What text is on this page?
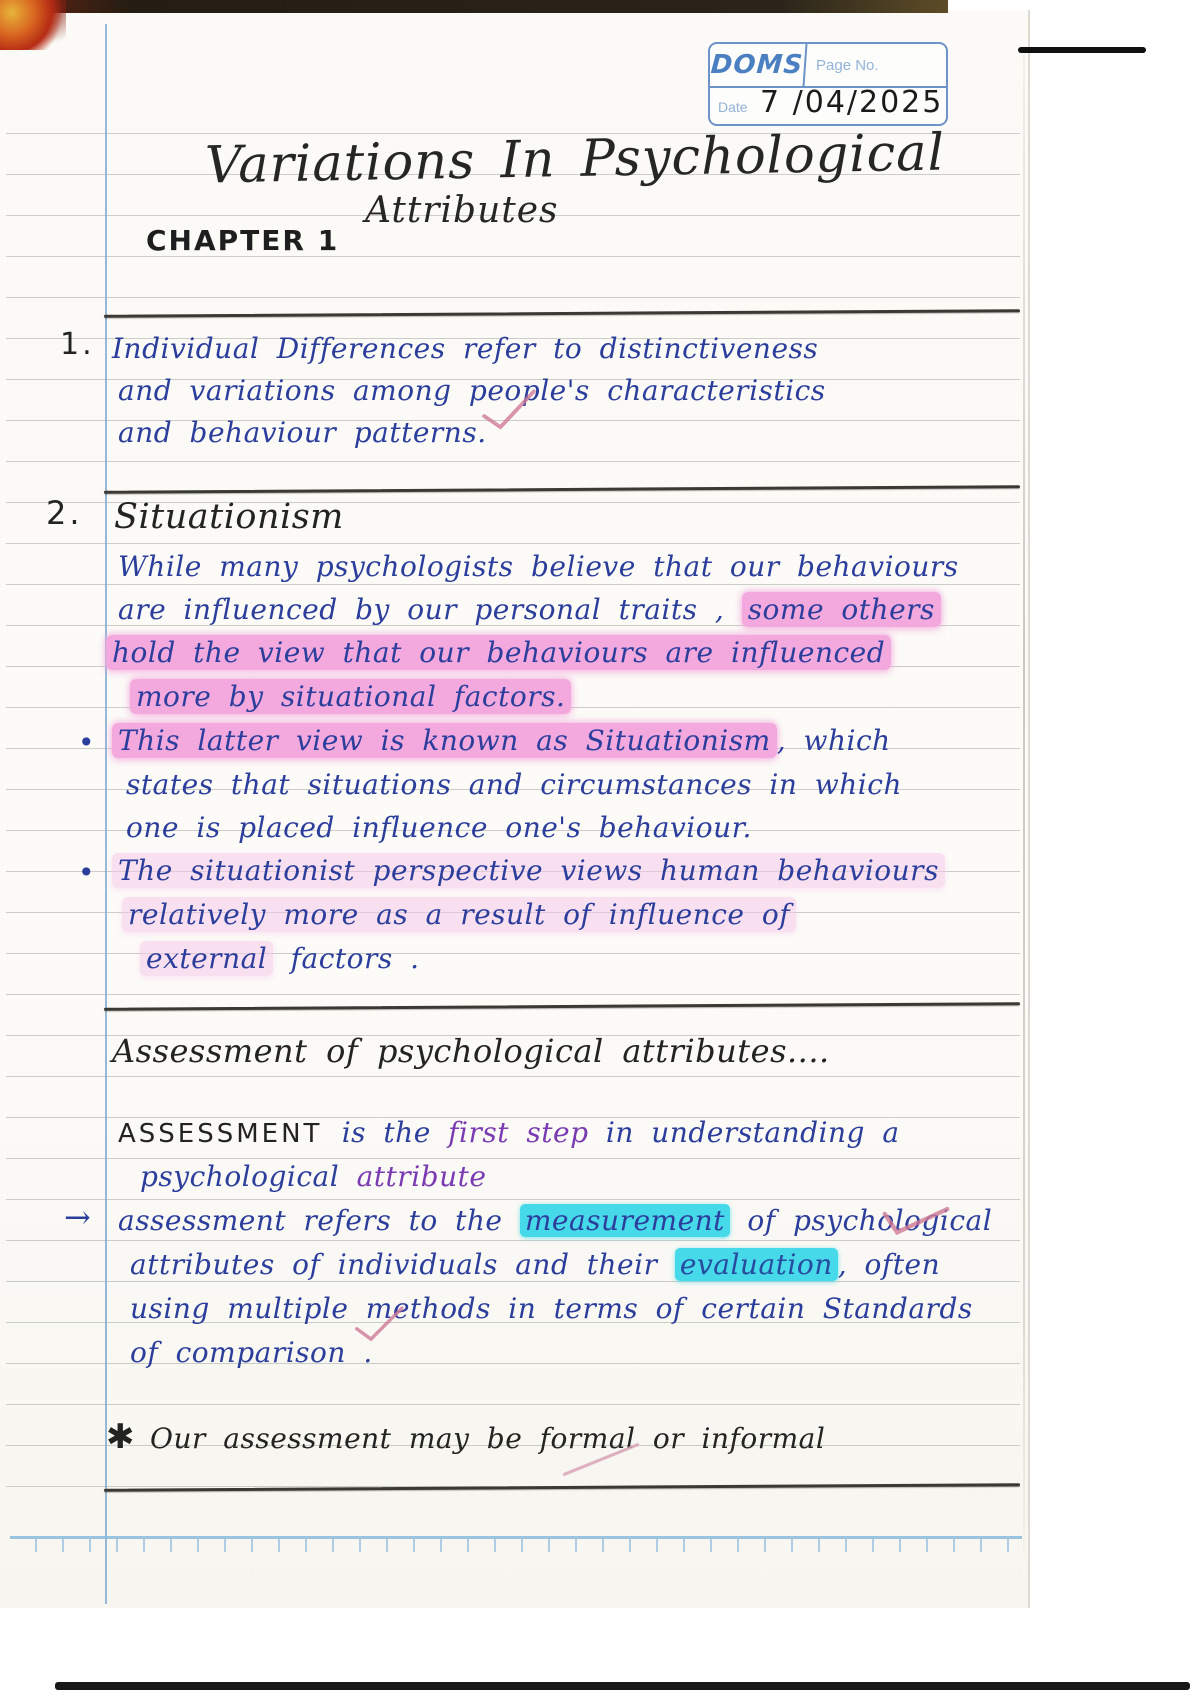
DOMS Page No.
Date 7 /04/2025
Variations In Psychological
Attributes
CHAPTER 1
Individual Differences refer to distinctiveness
and variations among people's characteristics
and behaviour patterns.
Situationism
While many psychologists believe that our behaviours
are influenced by our personal traits , some others
hold the view that our behaviours are influenced
more by situational factors.
This latter view is known as Situationism , which
states that situations and circumstances in which
one is placed influence one's behaviour.
The situationist perspective views human behaviours
relatively more as a result of influence of
external factors .
Assessment of psychological attributes....
ASSESSMENT is the first step in understanding a
psychological attribute
assessment refers to the measurement of psychological
attributes of individuals and their evaluation , often
using multiple methods in terms of certain Standards
of comparison .
Our assessment may be formal or informal
1.
2.
•
•
→
✱
